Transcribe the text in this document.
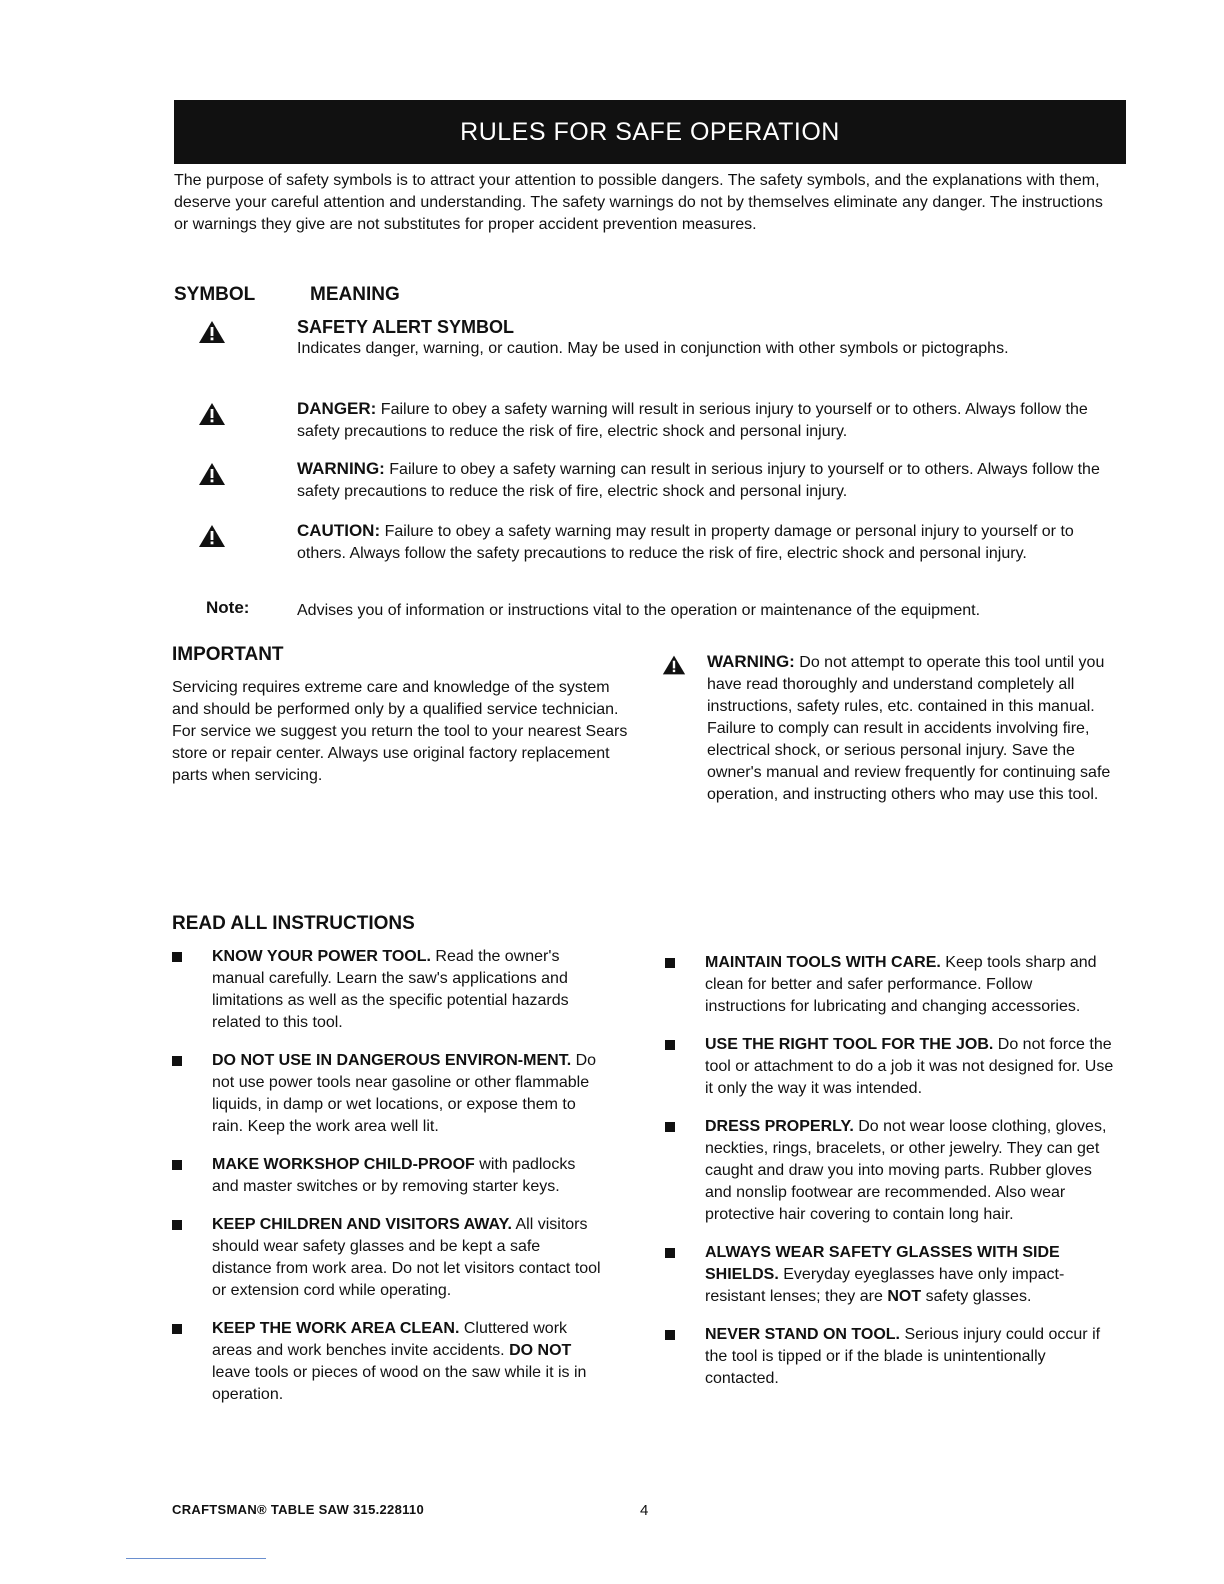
RULES FOR SAFE OPERATION

The purpose of safety symbols is to attract your attention to possible dangers. The safety symbols, and the explanations with them, deserve your careful attention and understanding. The safety warnings do not by themselves eliminate any danger. The instructions or warnings they give are not substitutes for proper accident prevention measures.

SYMBOL	MEANING
SAFETY ALERT SYMBOL
Indicates danger, warning, or caution. May be used in conjunction with other symbols or pictographs.
DANGER: Failure to obey a safety warning will result in serious injury to yourself or to others. Always follow the safety precautions to reduce the risk of fire, electric shock and personal injury.
WARNING: Failure to obey a safety warning can result in serious injury to yourself or to others. Always follow the safety precautions to reduce the risk of fire, electric shock and personal injury.
CAUTION: Failure to obey a safety warning may result in property damage or personal injury to yourself or to others. Always follow the safety precautions to reduce the risk of fire, electric shock and personal injury.
Note:	Advises you of information or instructions vital to the operation or maintenance of the equipment.
IMPORTANT

Servicing requires extreme care and knowledge of the system and should be performed only by a qualified service technician. For service we suggest you return the tool to your nearest Sears store or repair center. Always use original factory replacement parts when servicing.

WARNING: Do not attempt to operate this tool until you have read thoroughly and understand completely all instructions, safety rules, etc. contained in this manual. Failure to comply can result in accidents involving fire, electrical shock, or serious personal injury. Save the owner's manual and review frequently for continuing safe operation, and instructing others who may use this tool.
READ ALL INSTRUCTIONS
KNOW YOUR POWER TOOL. Read the owner's manual carefully. Learn the saw's applications and limitations as well as the specific potential hazards related to this tool.
DO NOT USE IN DANGEROUS ENVIRON-MENT. Do not use power tools near gasoline or other flammable liquids, in damp or wet locations, or expose them to rain. Keep the work area well lit.
MAKE WORKSHOP CHILD-PROOF with padlocks and master switches or by removing starter keys.
KEEP CHILDREN AND VISITORS AWAY. All visitors should wear safety glasses and be kept a safe distance from work area. Do not let visitors contact tool or extension cord while operating.
KEEP THE WORK AREA CLEAN. Cluttered work areas and work benches invite accidents. DO NOT leave tools or pieces of wood on the saw while it is in operation.
MAINTAIN TOOLS WITH CARE. Keep tools sharp and clean for better and safer performance. Follow instructions for lubricating and changing accessories.
USE THE RIGHT TOOL FOR THE JOB. Do not force the tool or attachment to do a job it was not designed for. Use it only the way it was intended.
DRESS PROPERLY. Do not wear loose clothing, gloves, neckties, rings, bracelets, or other jewelry. They can get caught and draw you into moving parts. Rubber gloves and nonslip footwear are recommended. Also wear protective hair covering to contain long hair.
ALWAYS WEAR SAFETY GLASSES WITH SIDE SHIELDS. Everyday eyeglasses have only impact-resistant lenses; they are NOT safety glasses.
NEVER STAND ON TOOL. Serious injury could occur if the tool is tipped or if the blade is unintentionally contacted.
CRAFTSMAN® TABLE SAW 315.228110	4
